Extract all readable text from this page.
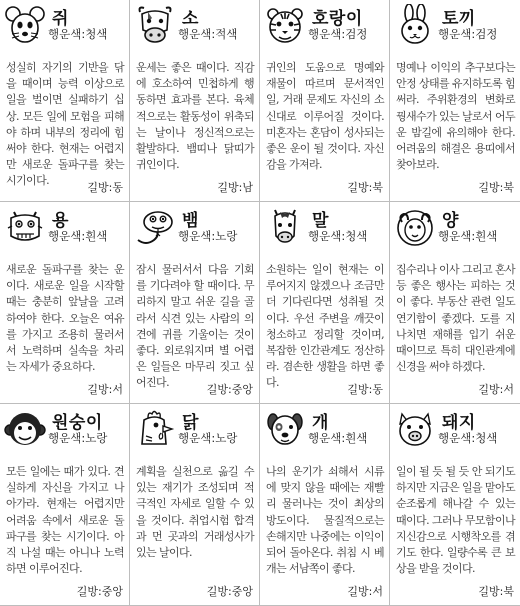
쥐
행운색:청색
성실히 자기의 기반을 닦을 때이며 능력 이상으로 일을 벌이면 실패하기 십상. 모든 일에 모험을 피해야 하며 내부의 정리에 힘써야 한다. 현재는 어렵지만 새로운 돌파구를 찾는 시기이다.
길방:동
소
행운색:적색
운세는 좋은 때이다. 직감에 호소하여 민첩하게 행동하면 효과를 본다. 육체적으로는 활동성이 위축되는 날이나 정신적으로는 활발하다. 뱀띠나 닭띠가 귀인이다.
길방:남
호랑이
행운색:검정
귀인의 도움으로 명예와 재물이 따르며 문서적인 일, 거래 문제도 자신의 소신대로 이루어질 것이다. 미혼자는 혼담이 성사되는 좋은 운이 될 것이다. 자신감을 가져라.
길방:북
토끼
행운색:검정
명예나 이익의 추구보다는 안정 상태를 유지하도록 힘써라. 주위환경의 변화로 꿩새수가 있는 날로서 어두운 밤길에 유의해야 한다. 어려움의 해결은 용띠에서 찾아보라.
길방:북
용
행운색:흰색
새로운 돌파구를 찾는 운이다. 새로운 일을 시작할 때는 충분히 앞날을 고려하여야 한다. 오늘은 여유를 가지고 조용히 물러서서 노력하며 실속을 차리는 자세가 중요하다.
길방:서
뱀
행운색:노랑
잠시 물러서서 다음 기회를 기다려야 할 때이다. 무리하지 말고 쉬운 길을 골라서 식견 있는 사람의 의견에 귀를 기울이는 것이 좋다. 외로워지며 별 어렵은 일들은 마무리 짓고 싶어진다.
길방:중앙
말
행운색:청색
소원하는 일이 현재는 이루어지지 않겠으나 조금만 더 기다린다면 성취될 것이다. 우선 주변을 깨끗이 청소하고 정리할 것이며, 복잡한 인간관계도 정산하라. 겸손한 생활을 하면 좋다.
길방:동
양
행운색:흰색
집수리나 이사 그리고 혼사 등 좋은 행사는 피하는 것이 좋다. 부동산 관련 일도 연기함이 좋겠다. 도를 지나치면 재해를 입기 쉬운 때이므로 특히 대인관계에 신경을 써야 하겠다.
길방:서
원숭이
행운색:노랑
모든 일에는 때가 있다. 견실하게 자신을 가지고 나아가라. 현재는 어렵지만 어려움 속에서 새로운 돌파구를 찾는 시기이다. 아직 나설 때는 아니나 노력하면 이루어진다.
길방:중앙
닭
행운색:노랑
계획을 실천으로 옮길 수 있는 재기가 조성되며 적극적인 자세로 일할 수 있을 것이다. 취업시험 합격과 먼 곳과의 거래성사가 있는 날이다.
길방:중앙
개
행운색:흰색
나의 운기가 쇠해서 시류에 맞지 않을 때에는 재빨리 물러나는 것이 최상의 방도이다. 물질적으로는 손해지만 나중에는 이익이 되어 돌아온다. 취침 시 베개는 서남쪽이 좋다.
길방:서
돼지
행운색:청색
일이 될 듯 될 듯 안 되기도 하지만 지금은 일을 맡아도 순조롭게 해나갈 수 있는 때이다. 그러나 무모함이나 지신감으로 시행착오를 겪기도 한다. 일량수록 큰 보상을 받을 것이다.
길방:북
